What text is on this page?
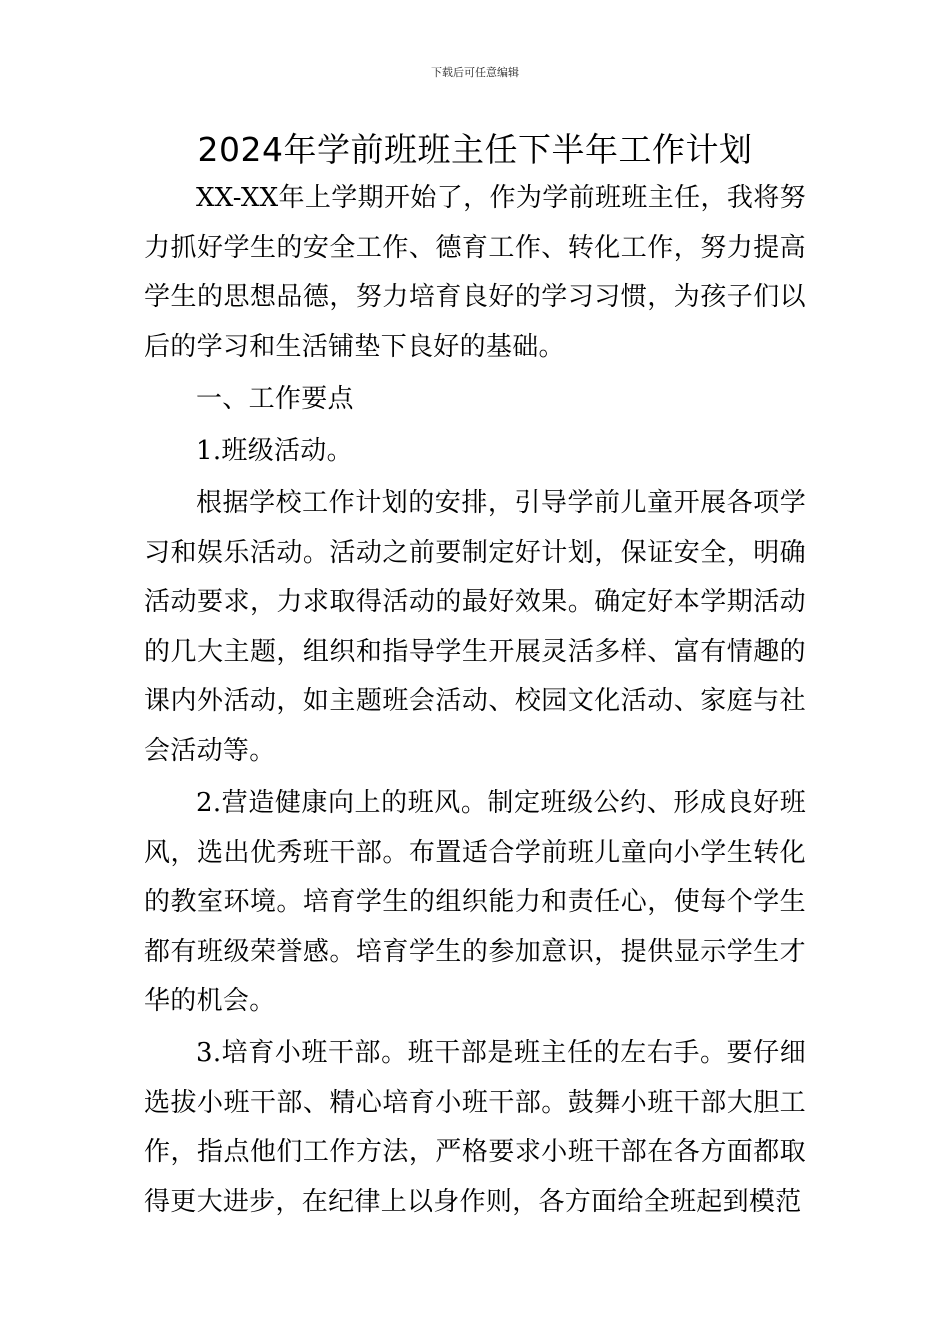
下载后可任意编辑
2024年学前班班主任下半年工作计划

XX-XX年上学期开始了，作为学前班班主任，我将努力抓好学生的安全工作、德育工作、转化工作，努力提高学生的思想品德，努力培育良好的学习习惯，为孩子们以后的学习和生活铺垫下良好的基础。

一、工作要点

1.班级活动。

根据学校工作计划的安排，引导学前儿童开展各项学习和娱乐活动。活动之前要制定好计划，保证安全，明确活动要求，力求取得活动的最好效果。确定好本学期活动的几大主题，组织和指导学生开展灵活多样、富有情趣的课内外活动，如主题班会活动、校园文化活动、家庭与社会活动等。

2.营造健康向上的班风。制定班级公约、形成良好班风，选出优秀班干部。布置适合学前班儿童向小学生转化的教室环境。培育学生的组织能力和责任心，使每个学生都有班级荣誉感。培育学生的参加意识，提供显示学生才华的机会。

3.培育小班干部。班干部是班主任的左右手。要仔细选拔小班干部、精心培育小班干部。鼓舞小班干部大胆工作，指点他们工作方法，严格要求小班干部在各方面都取得更大进步，在纪律上以身作则，各方面给全班起到模范
